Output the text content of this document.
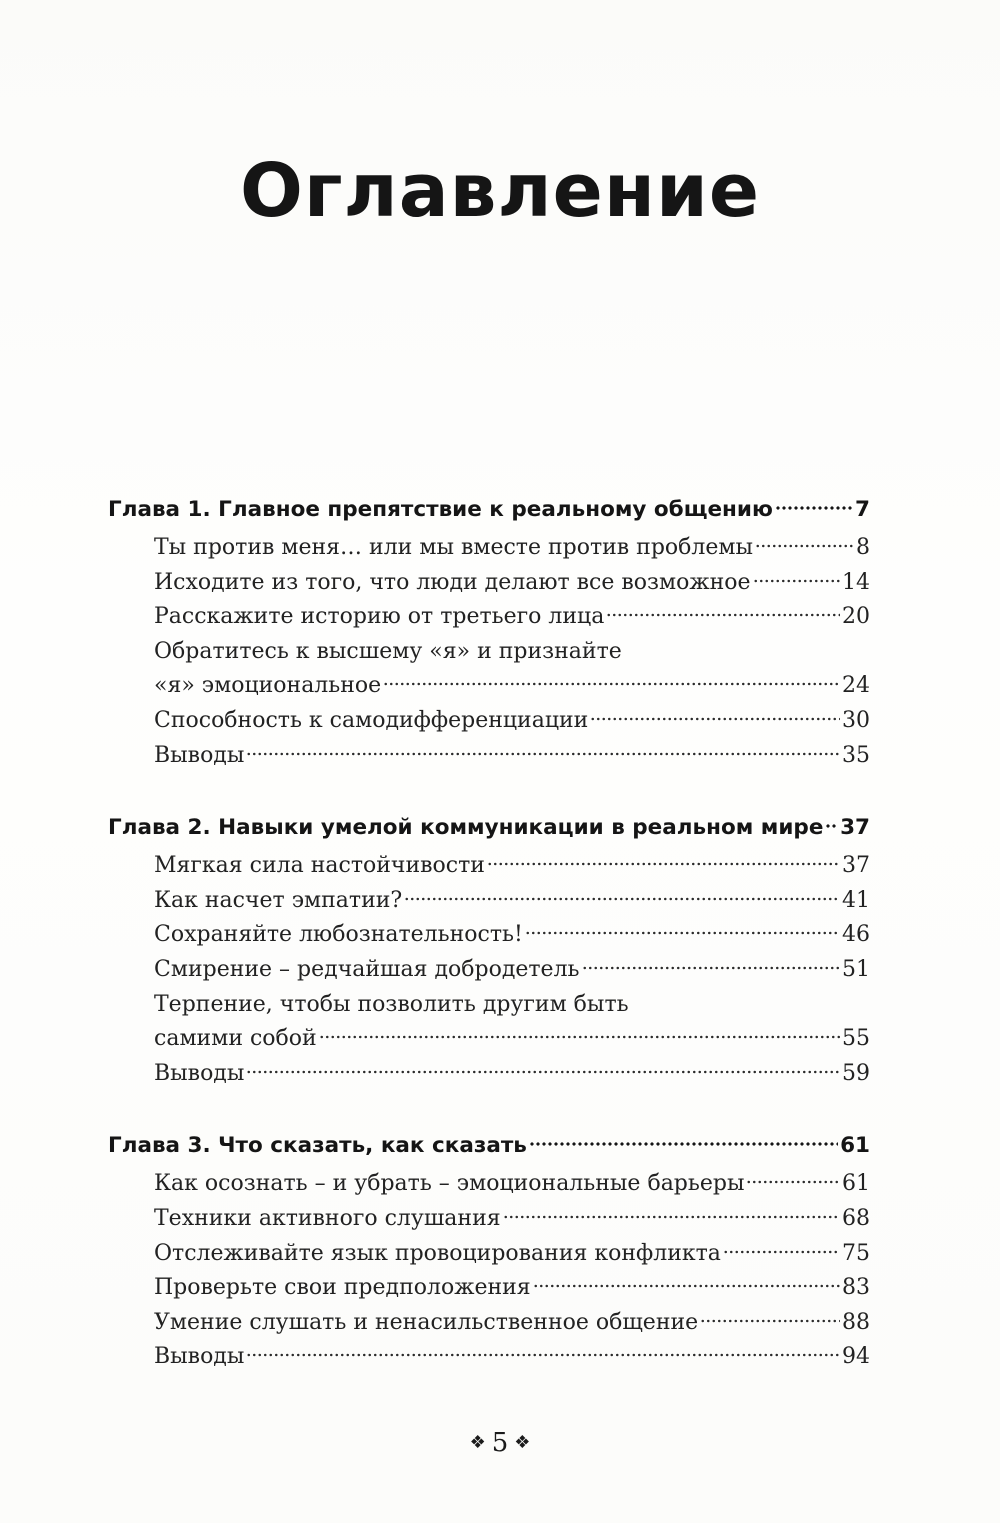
Оглавление
Глава 1. Главное препятствие к реальному общению	7
Ты против меня… или мы вместе против проблемы	8
Исходите из того, что люди делают все возможное	14
Расскажите историю от третьего лица	20
Обратитесь к высшему «я» и признайте
«я» эмоциональное	24
Способность к самодифференциации	30
Выводы	35
Глава 2. Навыки умелой коммуникации в реальном мире 37
Мягкая сила настойчивости	37
Как насчет эмпатии?	41
Сохраняйте любознательность!	46
Смирение – редчайшая добродетель	51
Терпение, чтобы позволить другим быть
самими собой	55
Выводы	59
Глава 3. Что сказать, как сказать	61
Как осознать – и убрать – эмоциональные барьеры	61
Техники активного слушания	68
Отслеживайте язык провоцирования конфликта	75
Проверьте свои предположения	83
Умение слушать и ненасильственное общение	88
Выводы	94
❖ 5 ❖
